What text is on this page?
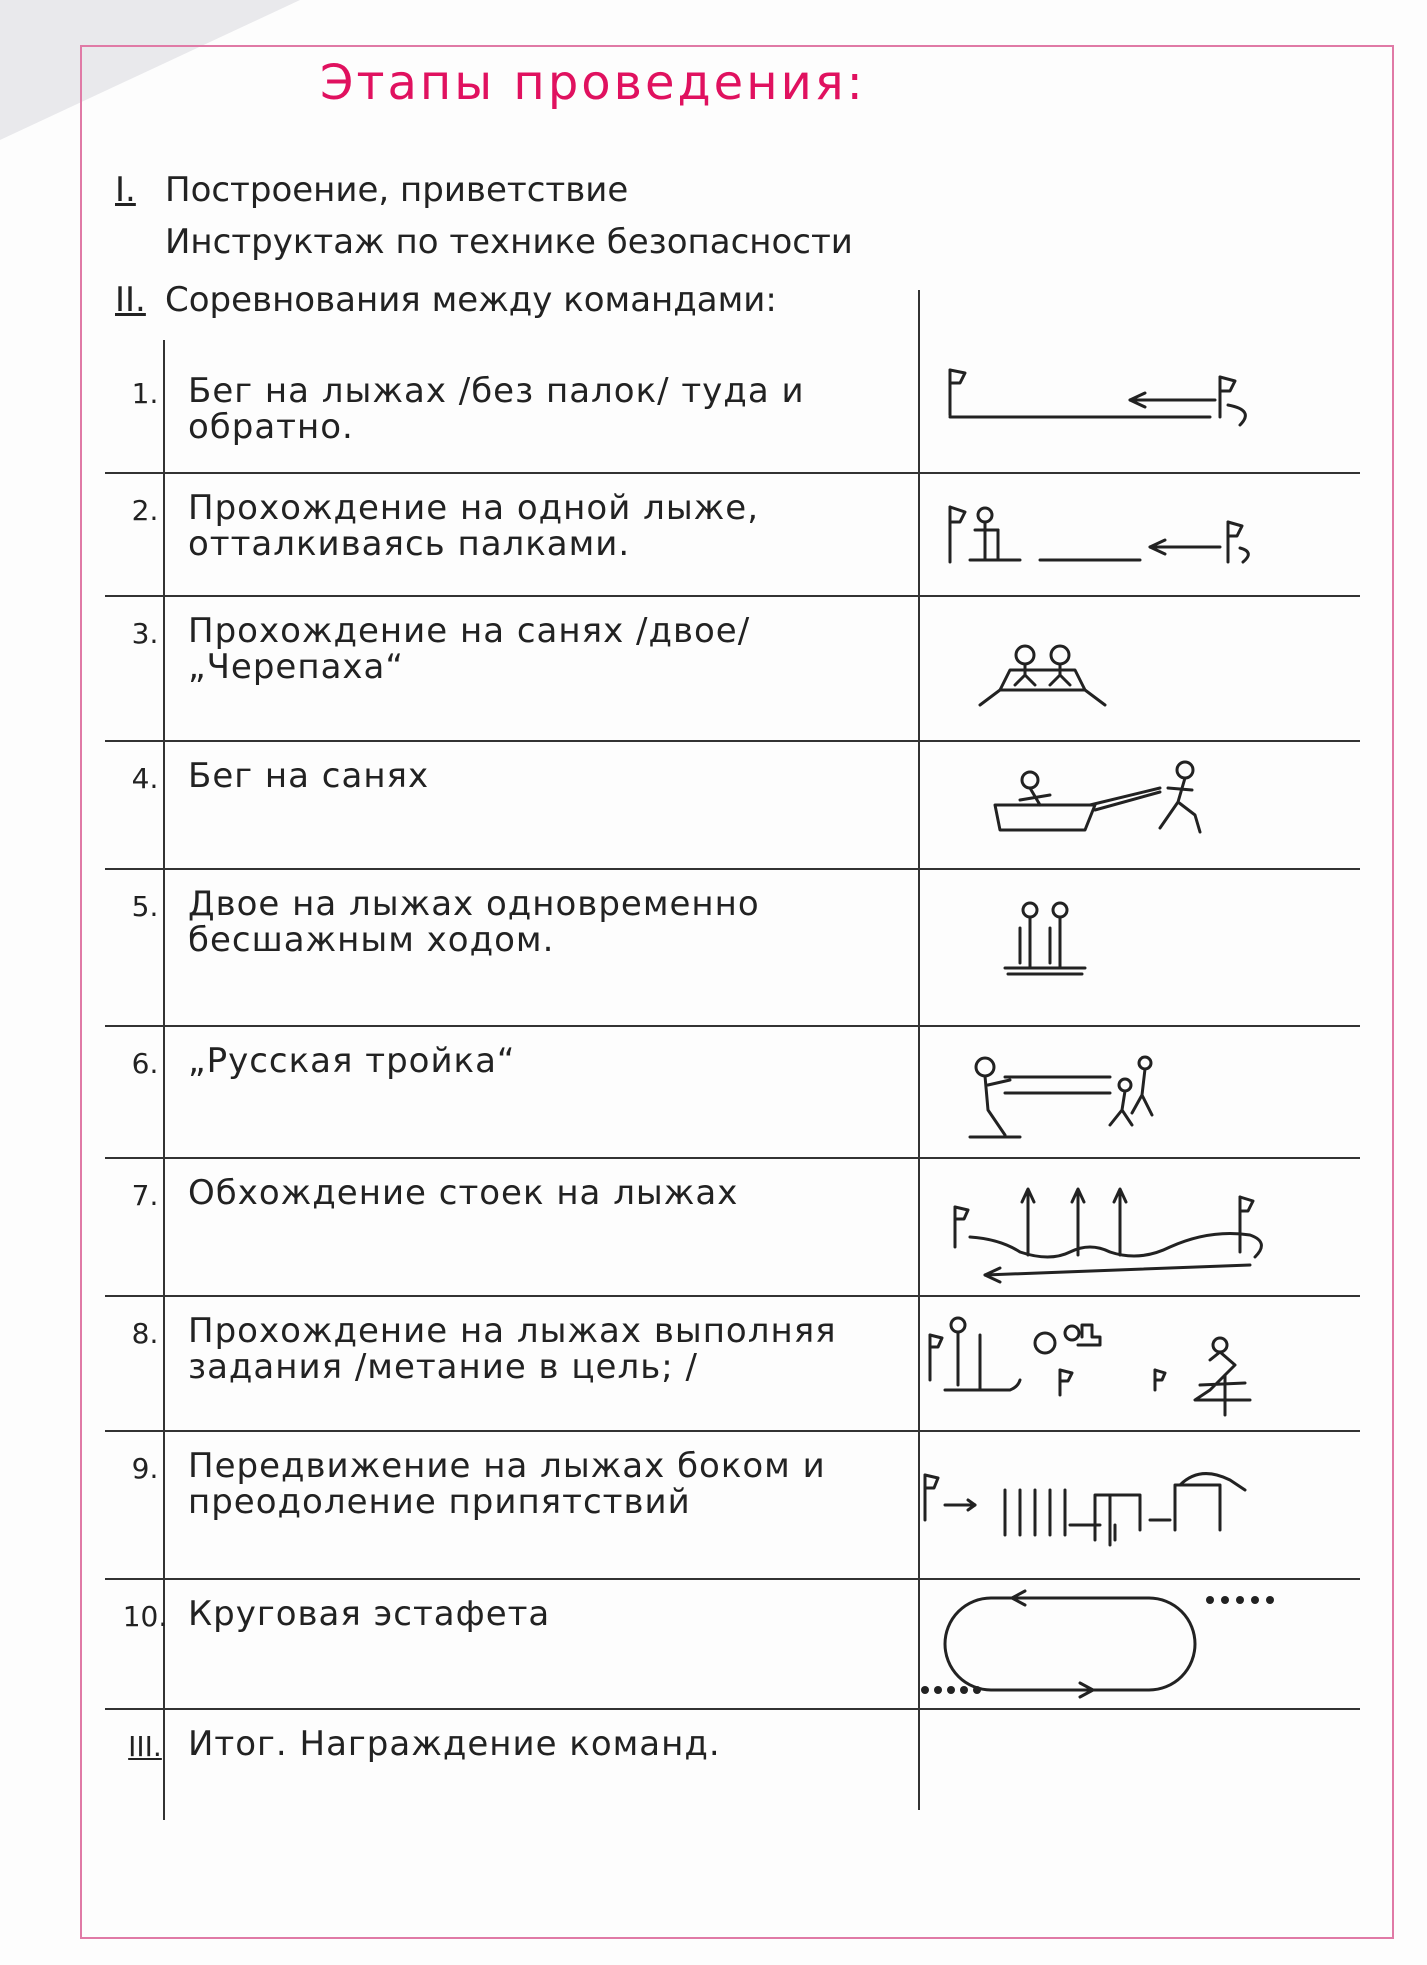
Этапы проведения:
I. Построение, приветствие
Инструктаж по технике безопасности
II. Соревнования между командами:
1. Бег на лыжах /без палок/ туда и обратно.
2. Прохождение на одной лыже, отталкиваясь палками.
3. Прохождение на санях /двое/ „Черепаха“
4. Бег на санях
5. Двое на лыжах одновременно бесшажным ходом.
6. „Русская тройка“
7. Обхождение стоек на лыжах
8. Прохождение на лыжах выполняя задания /метание в цель; /
9. Передвижение на лыжах боком и преодоление припятствий
10. Круговая эстафета
III. Итог. Награждение команд.
